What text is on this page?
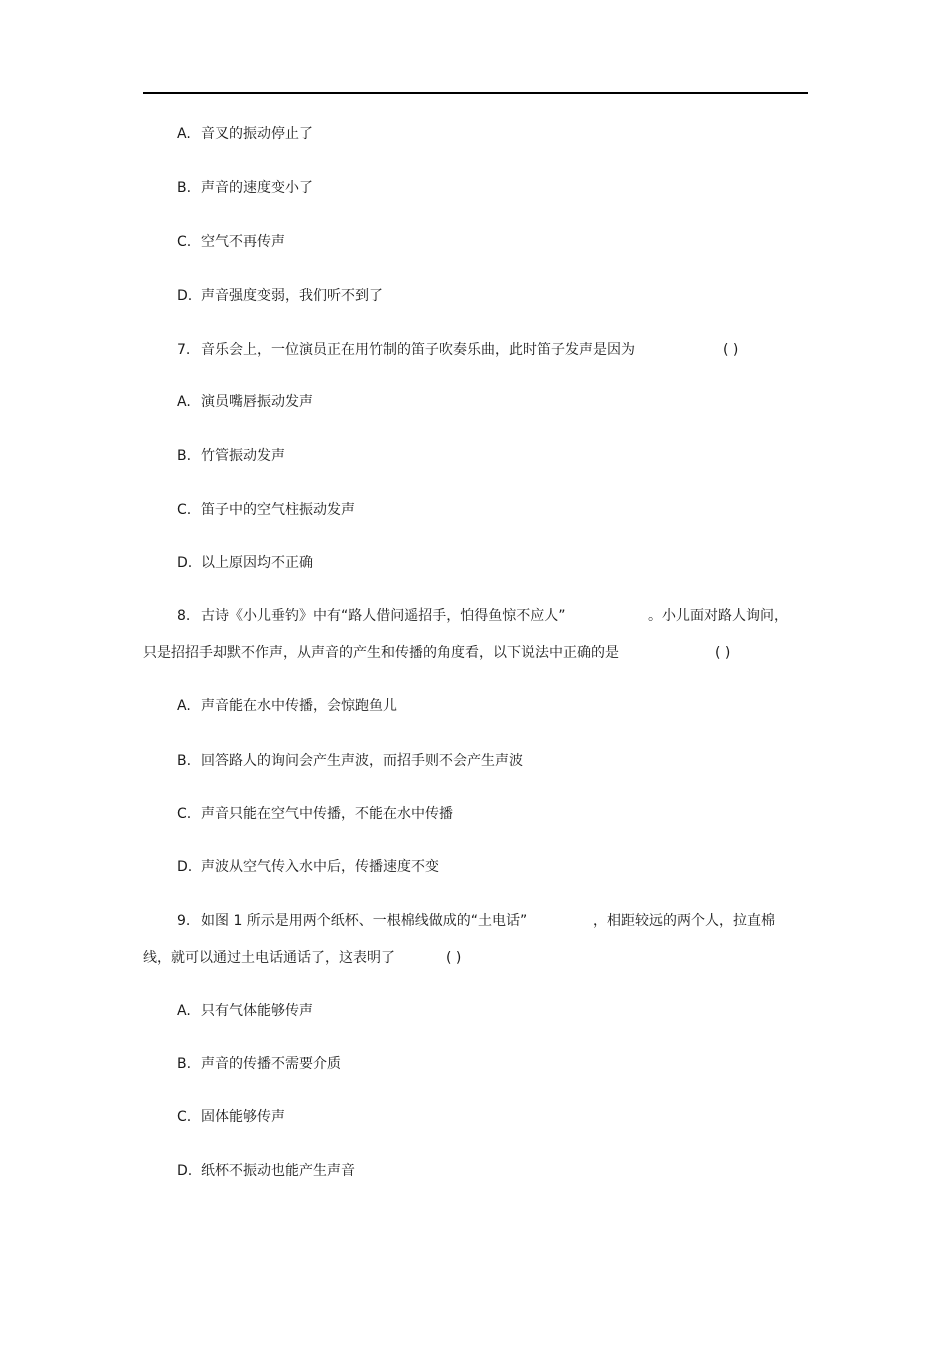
A. 音叉的振动停止了
B. 声音的速度变小了
C. 空气不再传声
D. 声音强度变弱，我们听不到了
7. 音乐会上，一位演员正在用竹制的笛子吹奏乐曲，此时笛子发声是因为	( )
A. 演员嘴唇振动发声
B. 竹管振动发声
C. 笛子中的空气柱振动发声
D. 以上原因均不正确
8. 古诗《小儿垂钓》中有“路人借问遥招手，怕得鱼惊不应人”	。小儿面对路人询问，
只是招招手却默不作声，从声音的产生和传播的角度看，以下说法中正确的是	( )
A. 声音能在水中传播，会惊跑鱼儿
B. 回答路人的询问会产生声波，而招手则不会产生声波
C. 声音只能在空气中传播，不能在水中传播
D. 声波从空气传入水中后，传播速度不变
9. 如图 1 所示是用两个纸杯、一根棉线做成的“土电话”	，相距较远的两个人，拉直棉
线，就可以通过土电话通话了，这表明了	( )
A. 只有气体能够传声
B. 声音的传播不需要介质
C. 固体能够传声
D. 纸杯不振动也能产生声音
